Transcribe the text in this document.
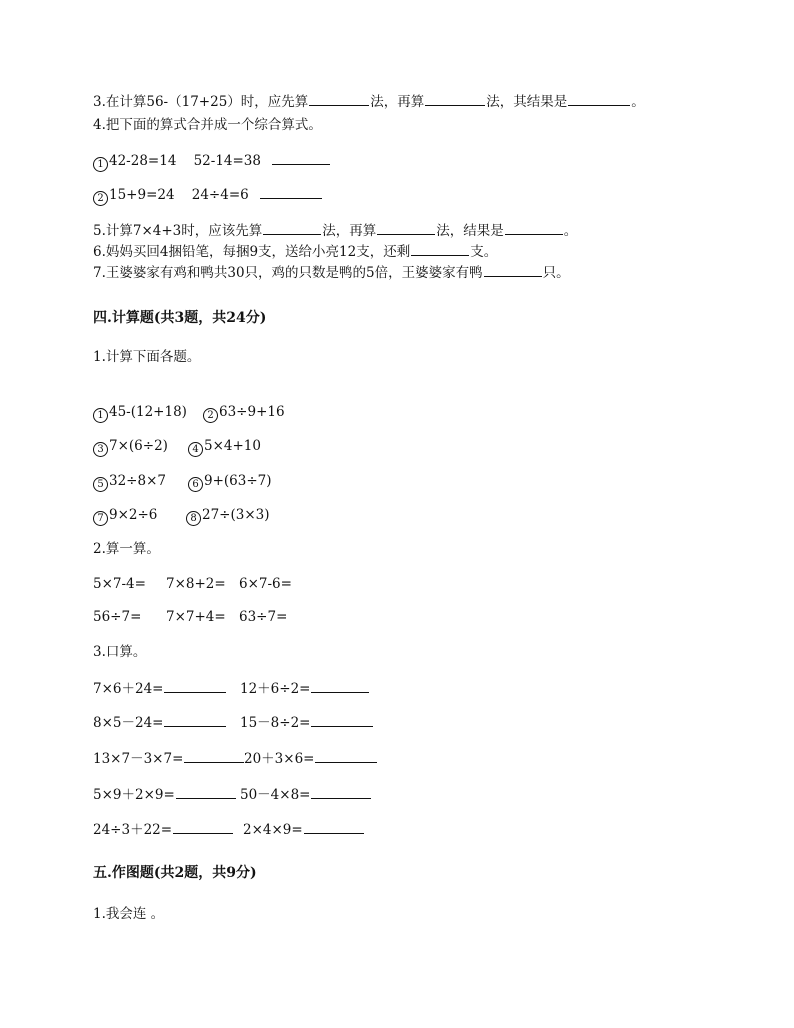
3.在计算56-（17+25）时，应先算	法，再算	法，其结果是	。
4.把下面的算式合并成一个综合算式。
1 42-28=14    52-14=38
2 15+9=24    24÷4=6
5.计算7×4+3时，应该先算	法，再算	法，结果是	。
6.妈妈买回4捆铅笔，每捆9支，送给小亮12支，还剩	支。
7.王婆婆家有鸡和鸭共30只，鸡的只数是鸭的5倍，王婆婆家有鸭	只。
四.计算题(共3题，共24分)
1.计算下面各题。
1 45-(12+18) 2 63÷9+16
3 7×(6÷2) 4 5×4+10
5 32÷8×7	6 9+(63÷7)
7 9×2÷6	8 27÷(3×3)
2.算一算。
5×7-4= 7×8+2= 6×7-6=
56÷7= 7×7+4= 63÷7=
3.口算。
7×6＋24=	12＋6÷2=
8×5－24=	15－8÷2=
13×7－3×7=	20＋3×6=
5×9＋2×9=	50－4×8=
24÷3＋22=	2×4×9=
五.作图题(共2题，共9分)
1.我会连 。
